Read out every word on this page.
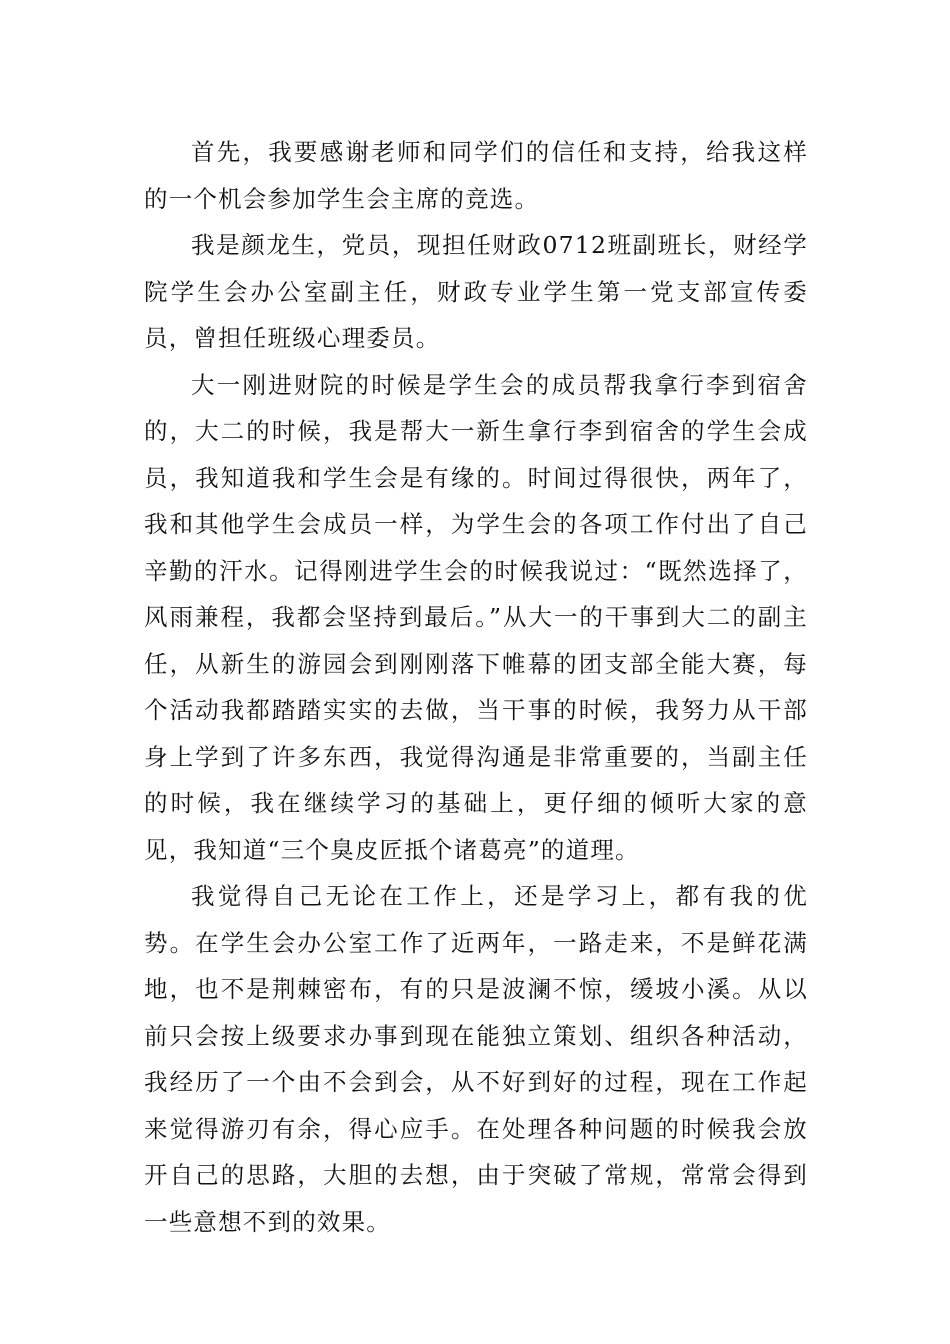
首先，我要感谢老师和同学们的信任和支持，给我这样的一个机会参加学生会主席的竞选。

我是颜龙生，党员，现担任财政0712班副班长，财经学院学生会办公室副主任，财政专业学生第一党支部宣传委员，曾担任班级心理委员。

大一刚进财院的时候是学生会的成员帮我拿行李到宿舍的，大二的时候，我是帮大一新生拿行李到宿舍的学生会成员，我知道我和学生会是有缘的。时间过得很快，两年了，我和其他学生会成员一样，为学生会的各项工作付出了自己辛勤的汗水。记得刚进学生会的时候我说过：“既然选择了，风雨兼程，我都会坚持到最后。”从大一的干事到大二的副主任，从新生的游园会到刚刚落下帷幕的团支部全能大赛，每个活动我都踏踏实实的去做，当干事的时候，我努力从干部身上学到了许多东西，我觉得沟通是非常重要的，当副主任的时候，我在继续学习的基础上，更仔细的倾听大家的意见，我知道“三个臭皮匠抵个诸葛亮”的道理。

我觉得自己无论在工作上，还是学习上，都有我的优势。在学生会办公室工作了近两年，一路走来，不是鲜花满地，也不是荆棘密布，有的只是波澜不惊，缓坡小溪。从以前只会按上级要求办事到现在能独立策划、组织各种活动，我经历了一个由不会到会，从不好到好的过程，现在工作起来觉得游刃有余，得心应手。在处理各种问题的时候我会放开自己的思路，大胆的去想，由于突破了常规，常常会得到一些意想不到的效果。
